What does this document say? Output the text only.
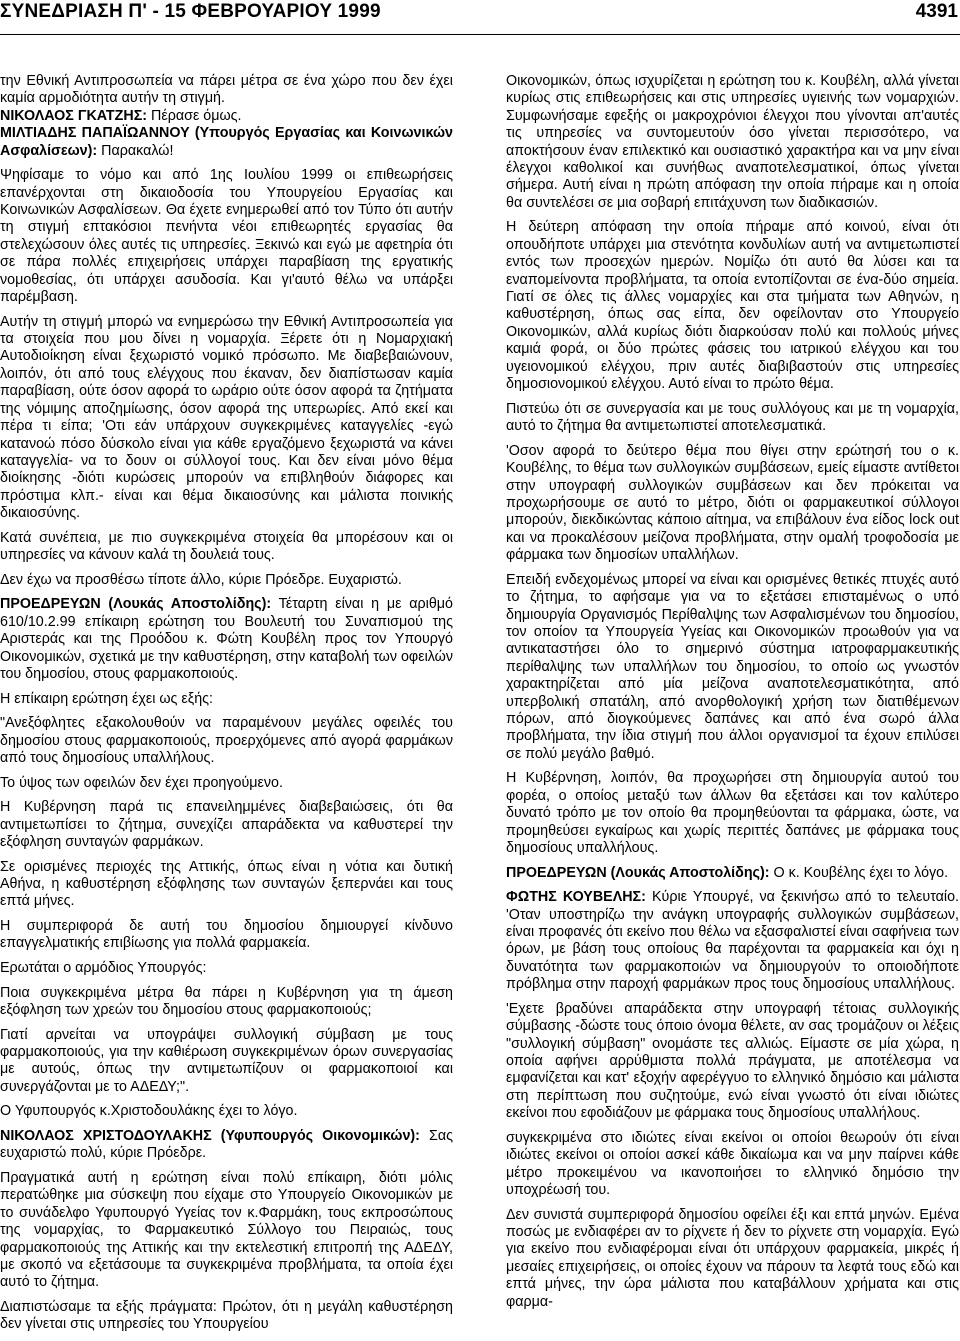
ΣΥΝΕΔΡΙΑΣΗ Π' - 15 ΦΕΒΡΟΥΑΡΙΟΥ 1999	4391

την Εθνική Αντιπροσωπεία να πάρει μέτρα σε ένα χώρο που δεν έχει καμία αρμοδιότητα αυτήν τη στιγμή.

ΝΙΚΟΛΑΟΣ ΓΚΑΤΖΗΣ: Πέρασε όμως.

ΜΙΛΤΙΑΔΗΣ ΠΑΠΑΪΩΑΝΝΟΥ (Υπουργός Εργασίας και Κοινωνικών Ασφαλίσεων): Παρακαλώ!

Ψηφίσαμε το νόμο και από 1ης Ιουλίου 1999 οι επιθεωρήσεις επανέρχονται στη δικαιοδοσία του Υπουργείου Εργασίας και Κοινωνικών Ασφαλίσεων. Θα έχετε ενημερωθεί από τον Τύπο ότι αυτήν τη στιγμή επτακόσιοι πενήντα νέοι επιθεωρητές εργασίας θα στελεχώσουν όλες αυτές τις υπηρεσίες. Ξεκινώ και εγώ με αφετηρία ότι σε πάρα πολλές επιχειρήσεις υπάρχει παραβίαση της εργατικής νομοθεσίας, ότι υπάρχει ασυδοσία. Και γι'αυτό θέλω να υπάρξει παρέμβαση.

Αυτήν τη στιγμή μπορώ να ενημερώσω την Εθνική Αντιπροσωπεία για τα στοιχεία που μου δίνει η νομαρχία. Ξέρετε ότι η Νομαρχιακή Αυτοδιοίκηση είναι ξεχωριστό νομικό πρόσωπο. Με διαβεβαιώνουν, λοιπόν, ότι από τους ελέγχους που έκαναν, δεν διαπίστωσαν καμία παραβίαση, ούτε όσον αφορά το ωράριο ούτε όσον αφορά τα ζητήματα της νόμιμης αποζημίωσης, όσον αφορά της υπερωρίες. Από εκεί και πέρα τι είπα; 'Οτι εάν υπάρχουν συγκεκριμένες καταγγελίες -εγώ κατανοώ πόσο δύσκολο είναι για κάθε εργαζόμενο ξεχωριστά να κάνει καταγγελία- να το δουν οι σύλλογοί τους. Και δεν είναι μόνο θέμα διοίκησης -διότι κυρώσεις μπορούν να επιβληθούν διάφορες και πρόστιμα κλπ.- είναι και θέμα δικαιοσύνης και μάλιστα ποινικής δικαιοσύνης.

Κατά συνέπεια, με πιο συγκεκριμένα στοιχεία θα μπορέσουν και οι υπηρεσίες να κάνουν καλά τη δουλειά τους.

Δεν έχω να προσθέσω τίποτε άλλο, κύριε Πρόεδρε. Ευχαριστώ.

ΠΡΟΕΔΡΕΥΩΝ (Λουκάς Αποστολίδης): Τέταρτη είναι η με αριθμό 610/10.2.99 επίκαιρη ερώτηση του Βουλευτή του Συναπισμού της Αριστεράς και της Προόδου κ. Φώτη Κουβέλη προς τον Υπουργό Οικονομικών, σχετικά με την καθυστέρηση, στην καταβολή των οφειλών του δημοσίου, στους φαρμακοποιούς.

Η επίκαιρη ερώτηση έχει ως εξής:

"Ανεξόφλητες εξακολουθούν να παραμένουν μεγάλες οφειλές του δημοσίου στους φαρμακοποιούς, προερχόμενες από αγορά φαρμάκων από τους δημοσίους υπαλλήλους.

Το ύψος των οφειλών δεν έχει προηγούμενο.

Η Κυβέρνηση παρά τις επανειλημμένες διαβεβαιώσεις, ότι θα αντιμετωπίσει το ζήτημα, συνεχίζει απαράδεκτα να καθυστερεί την εξόφληση συνταγών φαρμάκων.

Σε ορισμένες περιοχές της Αττικής, όπως είναι η νότια και δυτική Αθήνα, η καθυστέρηση εξόφλησης των συνταγών ξεπερνάει και τους επτά μήνες.

Η συμπεριφορά δε αυτή του δημοσίου δημιουργεί κίνδυνο επαγγελματικής επιβίωσης για πολλά φαρμακεία.

Ερωτάται ο αρμόδιος Υπουργός:

Ποια συγκεκριμένα μέτρα θα πάρει η Κυβέρνηση για τη άμεση εξόφληση των χρεών του δημοσίου στους φαρμακοποιούς;

Γιατί αρνείται να υπογράψει συλλογική σύμβαση με τους φαρμακοποιούς, για την καθιέρωση συγκεκριμένων όρων συνεργασίας με αυτούς, όπως την αντιμετωπίζουν οι φαρμακοποιοί και συνεργάζονται με το ΑΔΕΔΥ;".

Ο Υφυπουργός κ.Χριστοδουλάκης έχει το λόγο.

ΝΙΚΟΛΑΟΣ ΧΡΙΣΤΟΔΟΥΛΑΚΗΣ (Υφυπουργός Οικονομικών): Σας ευχαριστώ πολύ, κύριε Πρόεδρε.

Πραγματικά αυτή η ερώτηση είναι πολύ επίκαιρη, διότι μόλις περατώθηκε μια σύσκεψη που είχαμε στο Υπουργείο Οικονομικών με το συνάδελφο Υφυπουργό Υγείας τον κ.Φαρμάκη, τους εκπροσώπους της νομαρχίας, το Φαρμακευτικό Σύλλογο του Πειραιώς, τους φαρμακοποιούς της Αττικής και την εκτελεστική επιτροπή της ΑΔΕΔΥ, με σκοπό να εξετάσουμε τα συγκεκριμένα προβλήματα, τα οποία έχει αυτό το ζήτημα.

Διαπιστώσαμε τα εξής πράγματα: Πρώτον, ότι η μεγάλη καθυστέρηση δεν γίνεται στις υπηρεσίες του Υπουργείου

Οικονομικών, όπως ισχυρίζεται η ερώτηση του κ. Κουβέλη, αλλά γίνεται κυρίως στις επιθεωρήσεις και στις υπηρεσίες υγιεινής των νομαρχιών. Συμφωνήσαμε εφεξής οι μακροχρόνιοι έλεγχοι που γίνονται απ'αυτές τις υπηρεσίες να συντομευτούν όσο γίνεται περισσότερο, να αποκτήσουν έναν επιλεκτικό και ουσιαστικό χαρακτήρα και να μην είναι έλεγχοι καθολικοί και συνήθως αναποτελεσματικοί, όπως γίνεται σήμερα. Αυτή είναι η πρώτη απόφαση την οποία πήραμε και η οποία θα συντελέσει σε μια σοβαρή επιτάχυνση των διαδικασιών.

Η δεύτερη απόφαση την οποία πήραμε από κοινού, είναι ότι οπουδήποτε υπάρχει μια στενότητα κονδυλίων αυτή να αντιμετωπιστεί εντός των προσεχών ημερών. Νομίζω ότι αυτό θα λύσει και τα εναπομείνοντα προβλήματα, τα οποία εντοπίζονται σε ένα-δύο σημεία. Γιατί σε όλες τις άλλες νομαρχίες και στα τμήματα των Αθηνών, η καθυστέρηση, όπως σας είπα, δεν οφείλονταν στο Υπουργείο Οικονομικών, αλλά κυρίως διότι διαρκούσαν πολύ και πολλούς μήνες καμιά φορά, οι δύο πρώτες φάσεις του ιατρικού ελέγχου και του υγειονομικού ελέγχου, πριν αυτές διαβιβαστούν στις υπηρεσίες δημοσιονομικού ελέγχου. Αυτό είναι το πρώτο θέμα.

Πιστεύω ότι σε συνεργασία και με τους συλλόγους και με τη νομαρχία, αυτό το ζήτημα θα αντιμετωπιστεί αποτελεσματικά.

'Οσον αφορά το δεύτερο θέμα που θίγει στην ερώτησή του ο κ. Κουβέλης, το θέμα των συλλογικών συμβάσεων, εμείς είμαστε αντίθετοι στην υπογραφή συλλογικών συμβάσεων και δεν πρόκειται να προχωρήσουμε σε αυτό το μέτρο, διότι οι φαρμακευτικοί σύλλογοι μπορούν, διεκδικώντας κάποιο αίτημα, να επιβάλουν ένα είδος lock out και να προκαλέσουν μείζονα προβλήματα, στην ομαλή τροφοδοσία με φάρμακα των δημοσίων υπαλλήλων.

Επειδή ενδεχομένως μπορεί να είναι και ορισμένες θετικές πτυχές αυτό το ζήτημα, το αφήσαμε για να το εξετάσει επισταμένως ο υπό δημιουργία Οργανισμός Περίθαλψης των Ασφαλισμένων του δημοσίου, τον οποίον τα Υπουργεία Υγείας και Οικονομικών προωθούν για να αντικαταστήσει όλο το σημερινό σύστημα ιατροφαρμακευτικής περίθαλψης των υπαλλήλων του δημοσίου, το οποίο ως γνωστόν χαρακτηρίζεται από μία μείζονα αναποτελεσματικότητα, από υπερβολική σπατάλη, από ανορθολογική χρήση των διατιθέμενων πόρων, από διογκούμενες δαπάνες και από ένα σωρό άλλα προβλήματα, την ίδια στιγμή που άλλοι οργανισμοί τα έχουν επιλύσει σε πολύ μεγάλο βαθμό.

Η Κυβέρνηση, λοιπόν, θα προχωρήσει στη δημιουργία αυτού του φορέα, ο οποίος μεταξύ των άλλων θα εξετάσει και τον καλύτερο δυνατό τρόπο με τον οποίο θα προμηθεύονται τα φάρμακα, ώστε, να προμηθεύσει εγκαίρως και χωρίς περιττές δαπάνες με φάρμακα τους δημοσίους υπαλλήλους.

ΠΡΟΕΔΡΕΥΩΝ (Λουκάς Αποστολίδης): Ο κ. Κουβέλης έχει το λόγο.

ΦΩΤΗΣ ΚΟΥΒΕΛΗΣ: Κύριε Υπουργέ, να ξεκινήσω από το τελευταίο. 'Οταν υποστηρίζω την ανάγκη υπογραφής συλλογικών συμβάσεων, είναι προφανές ότι εκείνο που θέλω να εξασφαλιστεί είναι σαφήνεια των όρων, με βάση τους οποίους θα παρέχονται τα φαρμακεία και όχι η δυνατότητα των φαρμακοποιών να δημιουργούν το οποιοδήποτε πρόβλημα στην παροχή φαρμάκων προς τους δημοσίους υπαλλήλους.

'Εχετε βραδύνει απαράδεκτα στην υπογραφή τέτοιας συλλογικής σύμβασης -δώστε τους όποιο όνομα θέλετε, αν σας τρομάζουν οι λέξεις "συλλογική σύμβαση" ονομάστε τες αλλιώς. Είμαστε σε μία χώρα, η οποία αφήνει αρρύθμιστα πολλά πράγματα, με αποτέλεσμα να εμφανίζεται και κατ' εξοχήν αφερέγγυο το ελληνικό δημόσιο και μάλιστα στη περίπτωση που συζητούμε, ενώ είναι γνωστό ότι είναι ιδιώτες εκείνοι που εφοδιάζουν με φάρμακα τους δημοσίους υπαλλήλους.

συγκεκριμένα στο ιδιώτες είναι εκείνοι οι οποίοι θεωρούν ότι είναι ιδιώτες εκείνοι οι οποίοι ασκεί κάθε δικαίωμα και να μην παίρνει κάθε μέτρο προκειμένου να ικανοποιήσει το ελληνικό δημόσιο την υποχρέωσή του.

Δεν συνιστά συμπεριφορά δημοσίου οφείλει έξι και επτά μηνών. Εμένα ποσώς με ενδιαφέρει αν το ρίχνετε ή δεν το ρίχνετε στη νομαρχία. Εγώ για εκείνο που ενδιαφέρομαι είναι ότι υπάρχουν φαρμακεία, μικρές ή μεσαίες επιχειρήσεις, οι οποίες έχουν να πάρουν τα λεφτά τους εδώ και επτά μήνες, την ώρα μάλιστα που καταβάλλουν χρήματα και στις φαρμα-
